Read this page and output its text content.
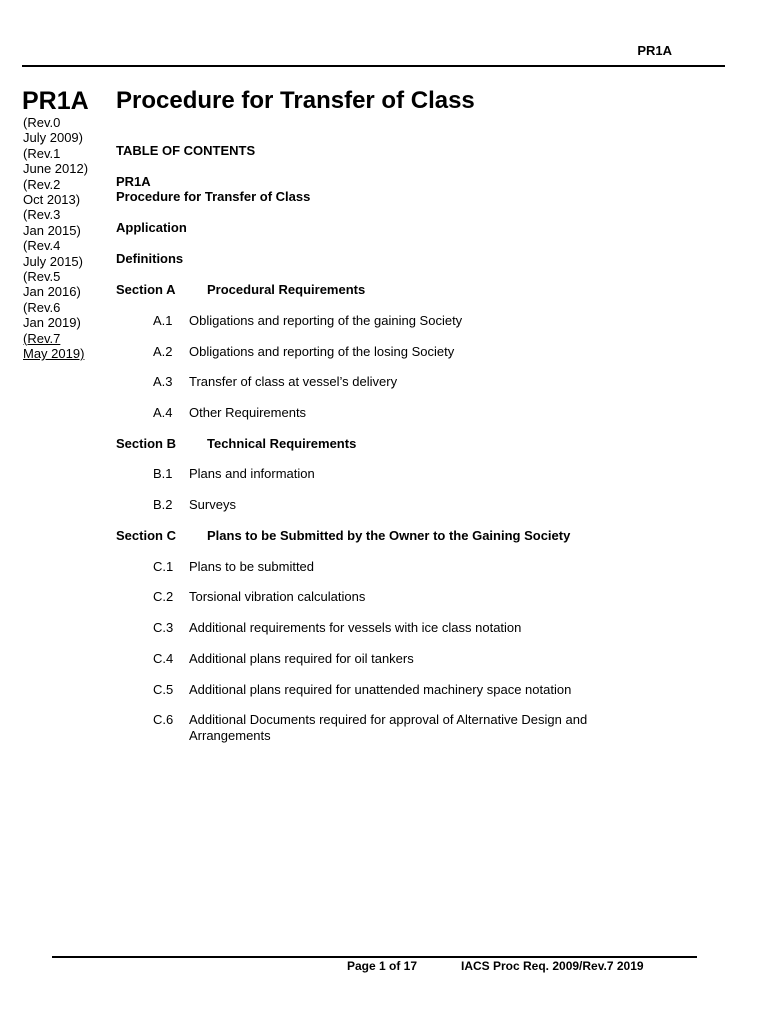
PR1A
PR1A Procedure for Transfer of Class
(Rev.0
July 2009)
(Rev.1
June 2012)
(Rev.2
Oct 2013)
(Rev.3
Jan 2015)
(Rev.4
July 2015)
(Rev.5
Jan 2016)
(Rev.6
Jan 2019)
(Rev.7
May 2019)
TABLE OF CONTENTS
PR1A
Procedure for Transfer of Class
Application
Definitions
Section A Procedural Requirements
A.1 Obligations and reporting of the gaining Society
A.2 Obligations and reporting of the losing Society
A.3 Transfer of class at vessel’s delivery
A.4 Other Requirements
Section B Technical Requirements
B.1 Plans and information
B.2 Surveys
Section C Plans to be Submitted by the Owner to the Gaining Society
C.1 Plans to be submitted
C.2 Torsional vibration calculations
C.3 Additional requirements for vessels with ice class notation
C.4 Additional plans required for oil tankers
C.5 Additional plans required for unattended machinery space notation
C.6 Additional Documents required for approval of Alternative Design and Arrangements
Page 1 of 17	IACS Proc Req. 2009/Rev.7 2019
